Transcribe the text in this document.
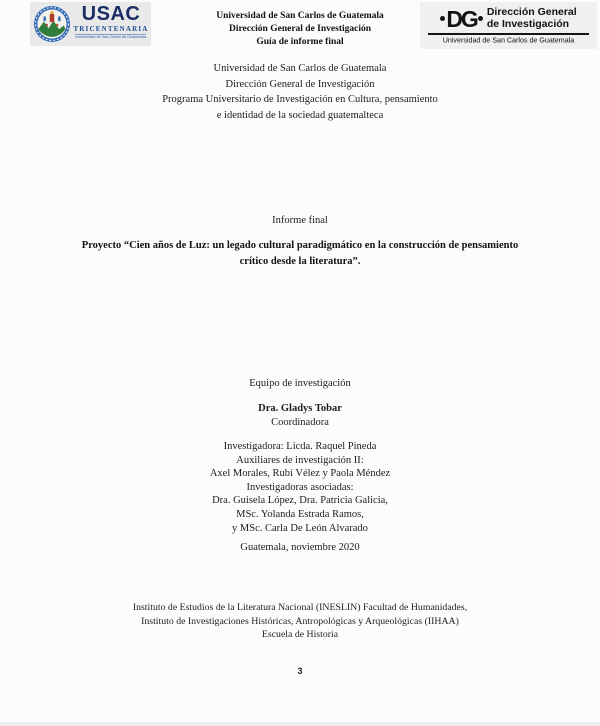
USAC
TRICENTENARIA
Universidad de San Carlos de Guatemala
Universidad de San Carlos de Guatemala
Dirección General de Investigación
Guía de informe final
DG Dirección General
de Investigación
Universidad de San Carlos de Guatemala
Universidad de San Carlos de Guatemala
Dirección General de Investigación
Programa Universitario de Investigación en Cultura, pensamiento
e identidad de la sociedad guatemalteca
Informe final
Proyecto “Cien años de Luz: un legado cultural paradigmático en la construcción de pensamiento crítico desde la literatura”.
Equipo de investigación
Dra. Gladys Tobar
Coordinadora
Investigadora: Licda. Raquel Pineda
Auxiliares de investigación II:
Axel Morales, Rubí Vélez y Paola Méndez
Investigadoras asociadas:
Dra. Guisela López, Dra. Patricia Galicia,
MSc. Yolanda Estrada Ramos,
y MSc. Carla De León Alvarado
Guatemala, noviembre 2020
Instituto de Estudios de la Literatura Nacional (INESLIN) Facultad de Humanidades,
Instituto de Investigaciones Históricas, Antropológicas y Arqueológicas (IIHAA)
Escuela de Historia
3
